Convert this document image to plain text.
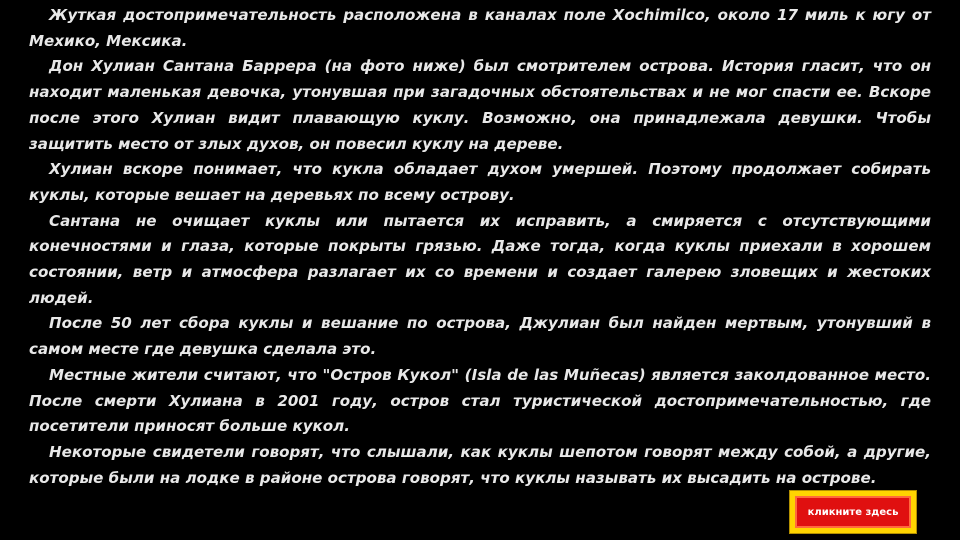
Жуткая достопримечательность расположена в каналах поле Xochimilco, около 17 миль к югу от Мехико, Мексика.

Дон Хулиан Сантана Баррера (на фото ниже) был смотрителем острова. История гласит, что он находит маленькая девочка, утонувшая при загадочных обстоятельствах и не мог спасти ее. Вскоре после этого Хулиан видит плавающую куклу. Возможно, она принадлежала девушки. Чтобы защитить место от злых духов, он повесил куклу на дереве.

Хулиан вскоре понимает, что кукла обладает духом умершей. Поэтому продолжает собирать куклы, которые вешает на деревьях по всему острову.

Сантана не очищает куклы или пытается их исправить, а смиряется с отсутствующими конечностями и глаза, которые покрыты грязью. Даже тогда, когда куклы приехали в хорошем состоянии, ветр и атмосфера разлагает их со времени и создает галерею зловещих и жестоких людей.

После 50 лет сбора куклы и вешание по острова, Джулиан был найден мертвым, утонувший в самом месте где девушка сделала это.

Местные жители считают, что "Остров Кукол" (Isla de las Muñecas) является заколдованное место. После смерти Хулиана в 2001 году, остров стал туристической достопримечательностью, где посетители приносят больше кукол.

Некоторые свидетели говорят, что слышали, как куклы шепотом говорят между собой, а другие, которые были на лодке в районе острова говорят, что куклы называть их высадить на острове.

кликните здесь
